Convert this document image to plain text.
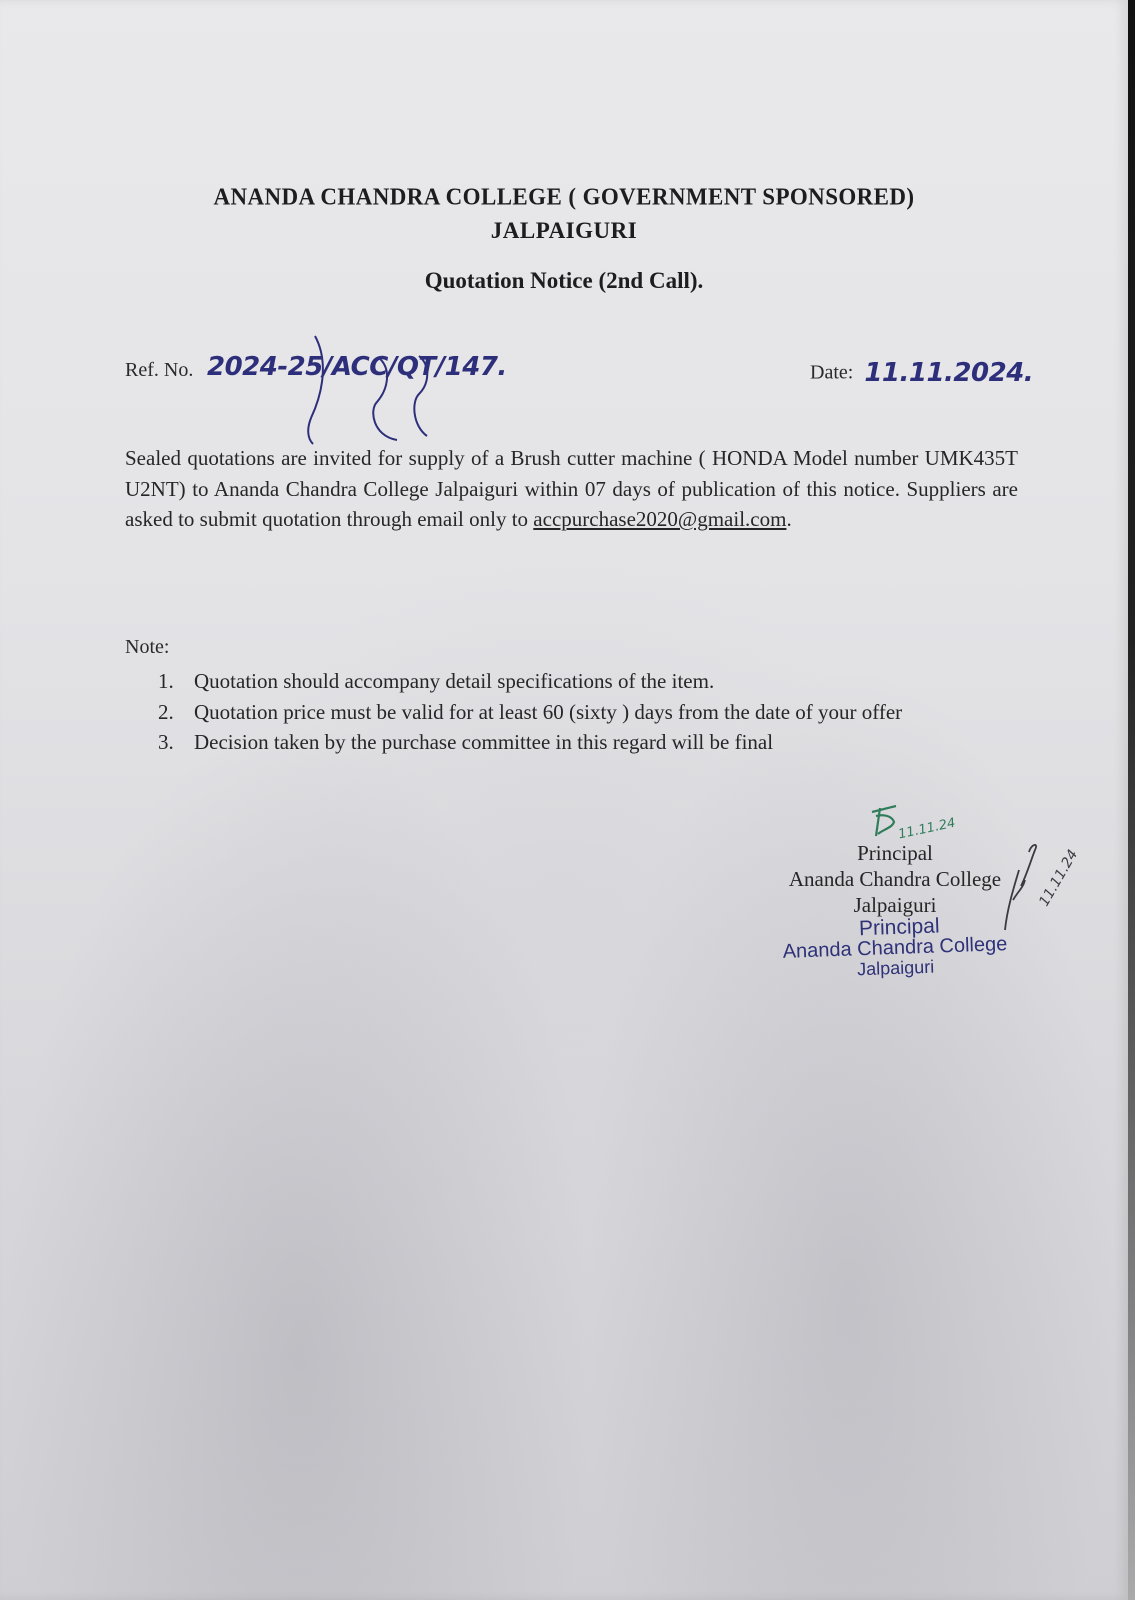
ANANDA CHANDRA COLLEGE ( GOVERNMENT SPONSORED)
JALPAIGURI
Quotation Notice (2nd Call).
Ref. No. 2024-25/ACC/QT/147.	Date: 11.11.2024.
Sealed quotations are invited for supply of a Brush cutter machine ( HONDA Model number UMK435T U2NT) to Ananda Chandra College Jalpaiguri within 07 days of publication of this notice. Suppliers are asked to submit quotation through email only to accpurchase2020@gmail.com.
Note:
1. Quotation should accompany detail specifications of the item.
2. Quotation price must be valid for at least 60 (sixty ) days from the date of your offer
3. Decision taken by the purchase committee in this regard will be final
11.11.24
Principal
Ananda Chandra College
Jalpaiguri
Principal
Ananda Chandra College
Jalpaiguri
11.11.24
